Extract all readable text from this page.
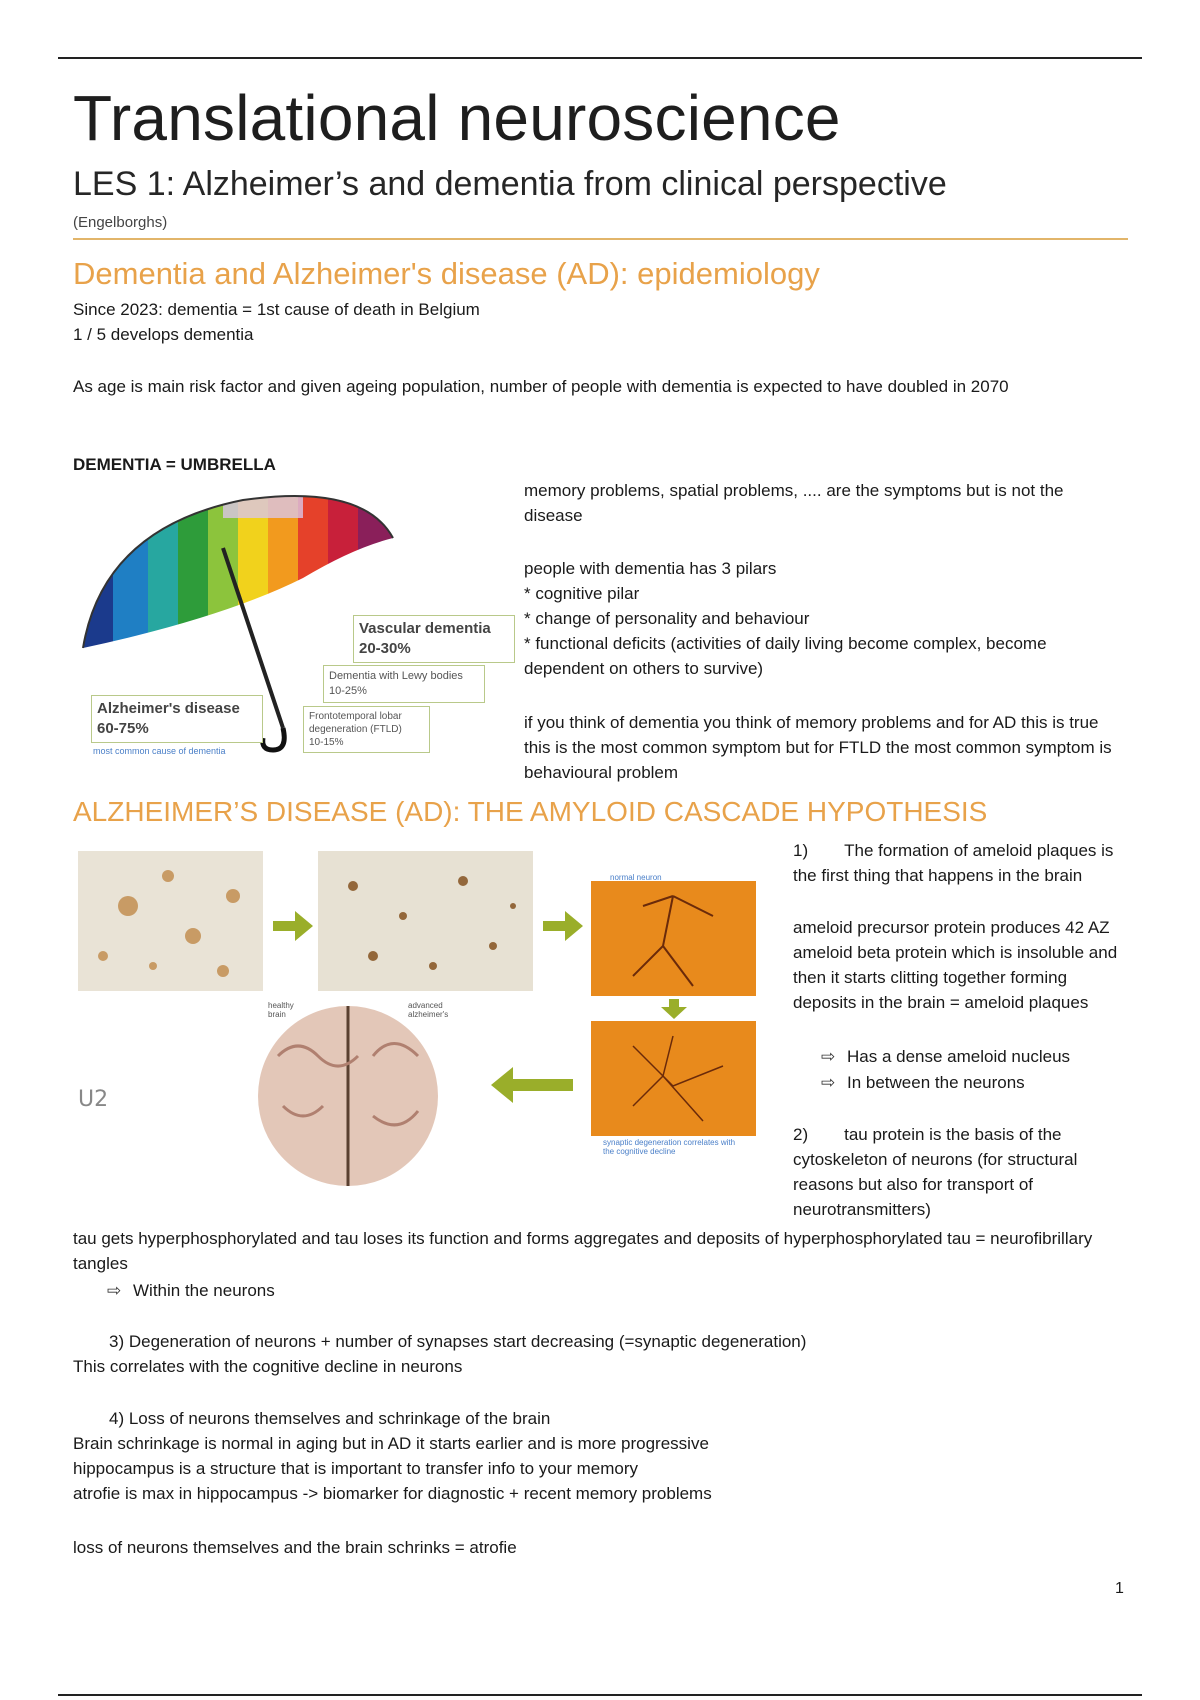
Translational neuroscience
LES 1: Alzheimer’s and dementia from clinical perspective
(Engelborghs)
Dementia and Alzheimer's disease (AD): epidemiology
Since 2023: dementia = 1st cause of death in Belgium
1 / 5 develops dementia
As age is main risk factor and given ageing population, number of people with dementia is expected to have doubled in 2070
DEMENTIA = UMBRELLA
Vascular dementia
20-30%
Dementia with Lewy bodies
10-25%
Frontotemporal lobar degeneration (FTLD)
10-15%
Alzheimer's disease
60-75%
most common cause of dementia
memory problems, spatial problems, .... are the symptoms but is not the disease
people with dementia has 3 pilars
* cognitive pilar
* change of personality and behaviour
* functional deficits (activities of daily living become complex, become dependent on others to survive)
if you think of dementia you think of memory problems and for AD this is true this is the most common symptom but for FTLD the most common symptom is behavioural problem
ALZHEIMER’S DISEASE (AD): THE AMYLOID CASCADE HYPOTHESIS
U2
normal neuron
healthy brain
advanced alzheimer's
synaptic degeneration correlates with the cognitive decline
1) The formation of ameloid plaques is the first thing that happens in the brain
ameloid precursor protein produces 42 AZ ameloid beta protein which is insoluble and then it starts clitting together forming deposits in the brain = ameloid plaques
⇨ Has a dense ameloid nucleus
⇨ In between the neurons
2) tau protein is the basis of the cytoskeleton of neurons (for structural reasons but also for transport of neurotransmitters)
tau gets hyperphosphorylated and tau loses its function and forms aggregates and deposits of hyperphosphorylated tau = neurofibrillary tangles
⇨ Within the neurons
3) Degeneration of neurons + number of synapses start decreasing (=synaptic degeneration)
This correlates with the cognitive decline in neurons
4) Loss of neurons themselves and schrinkage of the brain
Brain schrinkage is normal in aging but in AD it starts earlier and is more progressive
hippocampus is a structure that is important to transfer info to your memory
atrofie is max in hippocampus -> biomarker for diagnostic + recent memory problems
loss of neurons themselves and the brain schrinks = atrofie
1
